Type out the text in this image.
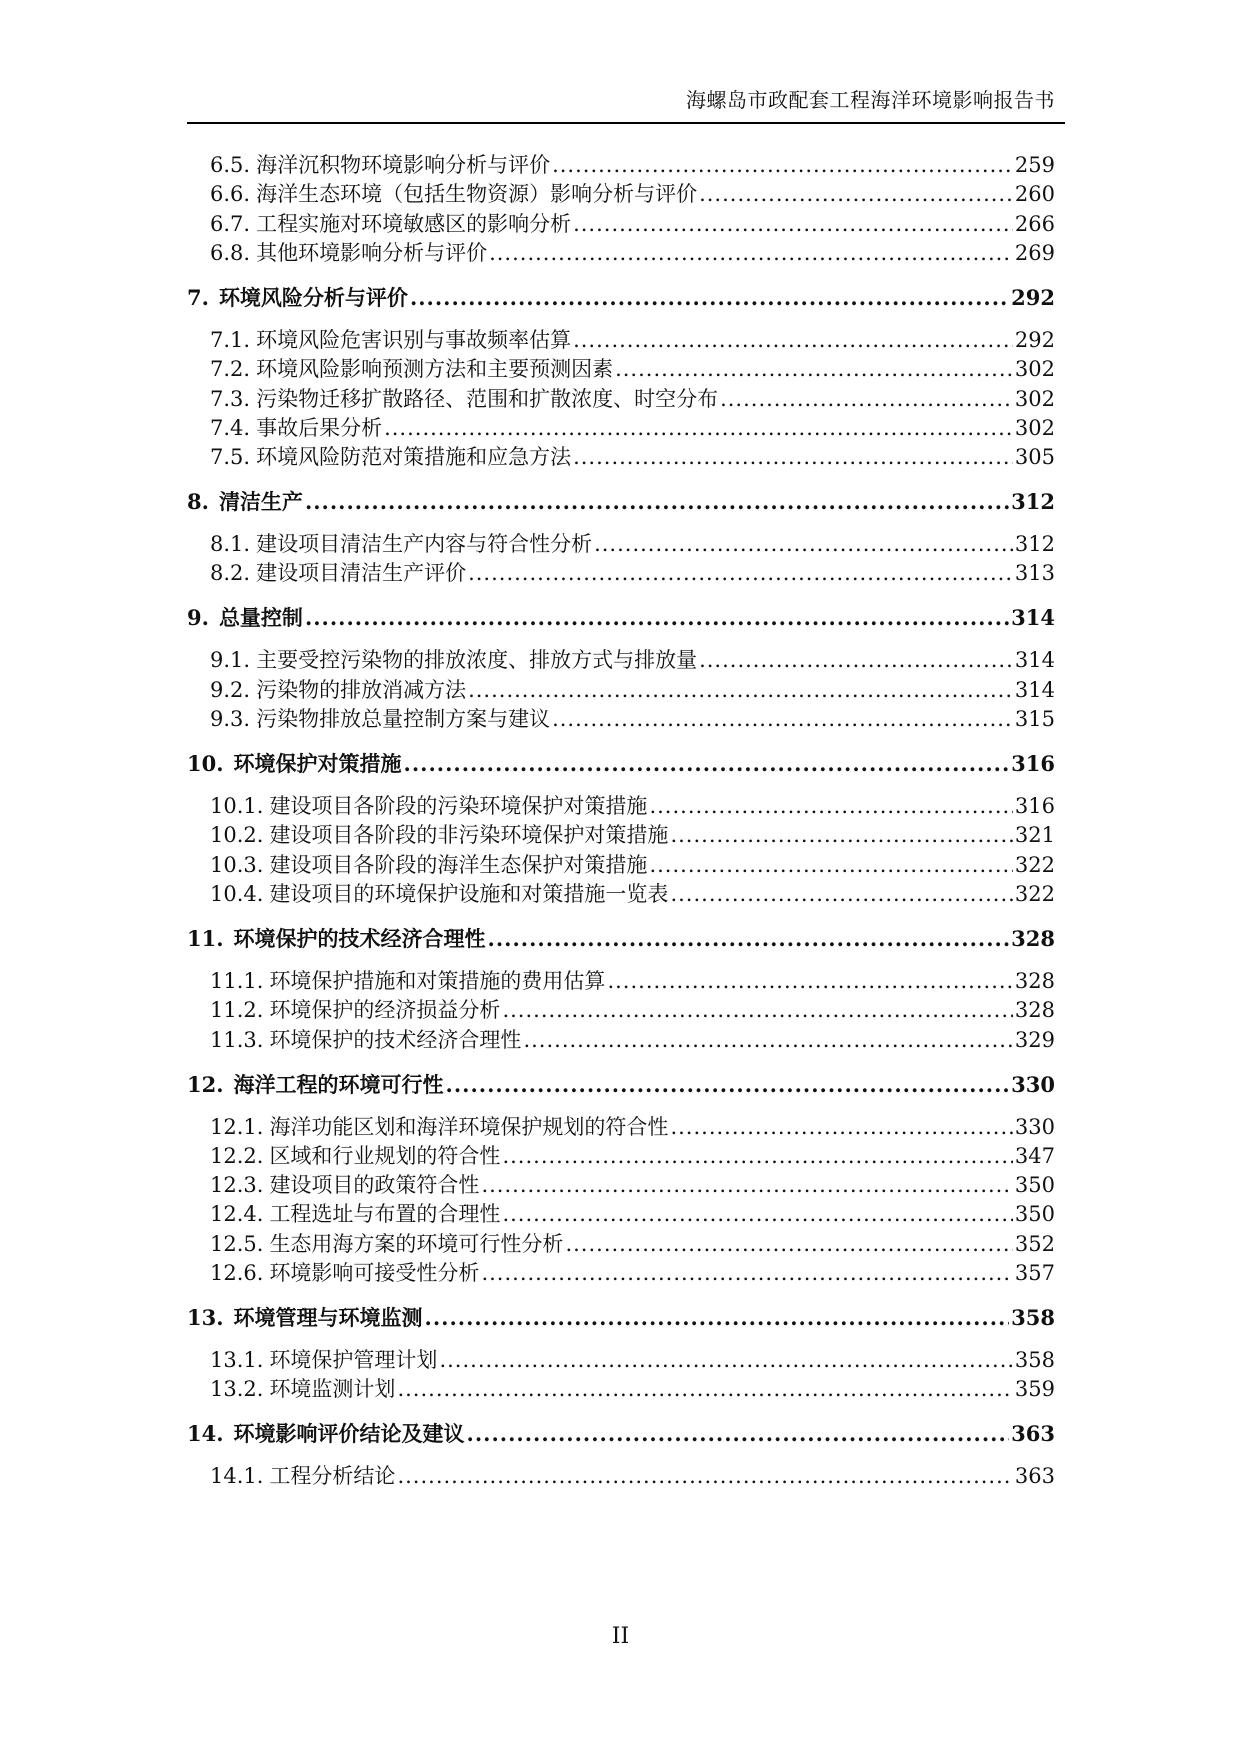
海螺岛市政配套工程海洋环境影响报告书
6.5. 海洋沉积物环境影响分析与评价 .....	259
6.6. 海洋生态环境（包括生物资源）影响分析与评价 .....	260
6.7. 工程实施对环境敏感区的影响分析 .....	266
6.8. 其他环境影响分析与评价 .....	269
7. 环境风险分析与评价 .....	292
7.1. 环境风险危害识别与事故频率估算 .....	292
7.2. 环境风险影响预测方法和主要预测因素 .....	302
7.3. 污染物迁移扩散路径、范围和扩散浓度、时空分布 .....	302
7.4. 事故后果分析 .....	302
7.5. 环境风险防范对策措施和应急方法 .....	305
8. 清洁生产 .....	312
8.1. 建设项目清洁生产内容与符合性分析 .....	312
8.2. 建设项目清洁生产评价 .....	313
9. 总量控制 .....	314
9.1. 主要受控污染物的排放浓度、排放方式与排放量 .....	314
9.2. 污染物的排放消减方法 .....	314
9.3. 污染物排放总量控制方案与建议 .....	315
10. 环境保护对策措施 .....	316
10.1. 建设项目各阶段的污染环境保护对策措施 .....	316
10.2. 建设项目各阶段的非污染环境保护对策措施 .....	321
10.3. 建设项目各阶段的海洋生态保护对策措施 .....	322
10.4. 建设项目的环境保护设施和对策措施一览表 .....	322
11. 环境保护的技术经济合理性 .....	328
11.1. 环境保护措施和对策措施的费用估算 .....	328
11.2. 环境保护的经济损益分析 .....	328
11.3. 环境保护的技术经济合理性 .....	329
12. 海洋工程的环境可行性 .....	330
12.1. 海洋功能区划和海洋环境保护规划的符合性 .....	330
12.2. 区域和行业规划的符合性 .....	347
12.3. 建设项目的政策符合性 .....	350
12.4. 工程选址与布置的合理性 .....	350
12.5. 生态用海方案的环境可行性分析 .....	352
12.6. 环境影响可接受性分析 .....	357
13. 环境管理与环境监测 .....	358
13.1. 环境保护管理计划 .....	358
13.2. 环境监测计划 .....	359
14. 环境影响评价结论及建议 .....	363
14.1. 工程分析结论 .....	363
II
